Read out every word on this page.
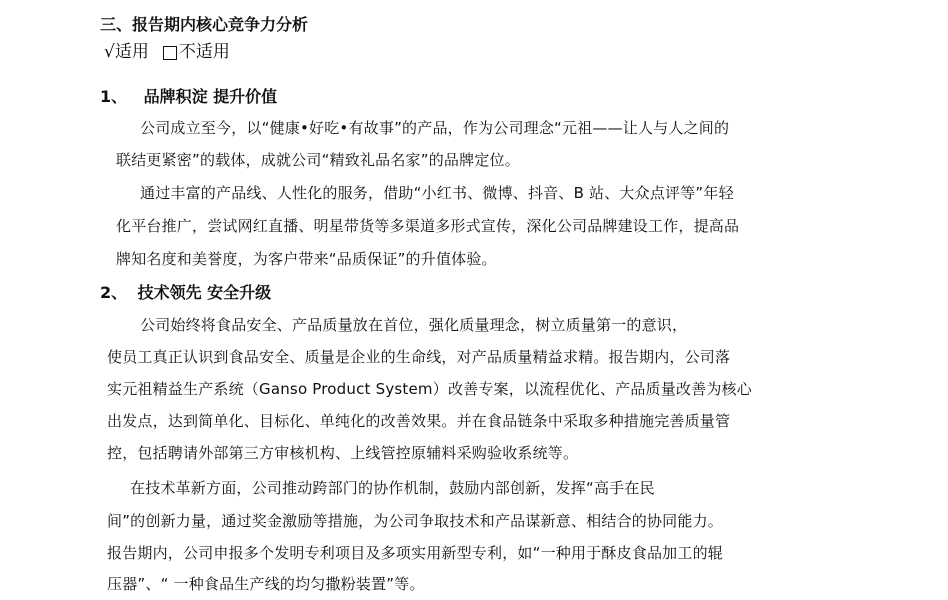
三、报告期内核心竞争力分析
√ 适用 不适用
1、 品牌积淀 提升价值
公司成立至今，以“健康•好吃•有故事”的产品，作为公司理念“元祖——让人与人之间的
联结更紧密”的载体，成就公司“精致礼品名家”的品牌定位。
通过丰富的产品线、人性化的服务，借助“小红书、微博、抖音、B 站、大众点评等”年轻
化平台推广，尝试网红直播、明星带货等多渠道多形式宣传，深化公司品牌建设工作，提高品
牌知名度和美誉度，为客户带来“品质保证”的升值体验。
2、 技术领先 安全升级
公司始终将食品安全、产品质量放在首位，强化质量理念，树立质量第一的意识，
使员工真正认识到食品安全、质量是企业的生命线，对产品质量精益求精。报告期内，公司落
实元祖精益生产系统（Ganso Product System）改善专案，以流程优化、产品质量改善为核心
出发点，达到简单化、目标化、单纯化的改善效果。并在食品链条中采取多种措施完善质量管
控，包括聘请外部第三方审核机构、上线管控原辅料采购验收系统等。
在技术革新方面，公司推动跨部门的协作机制，鼓励内部创新，发挥“高手在民
间”的创新力量，通过奖金激励等措施，为公司争取技术和产品谋新意、相结合的协同能力。
报告期内，公司申报多个发明专利项目及多项实用新型专利，如“一种用于酥皮食品加工的辊
压器”、“ 一种食品生产线的均匀撒粉装置”等。
